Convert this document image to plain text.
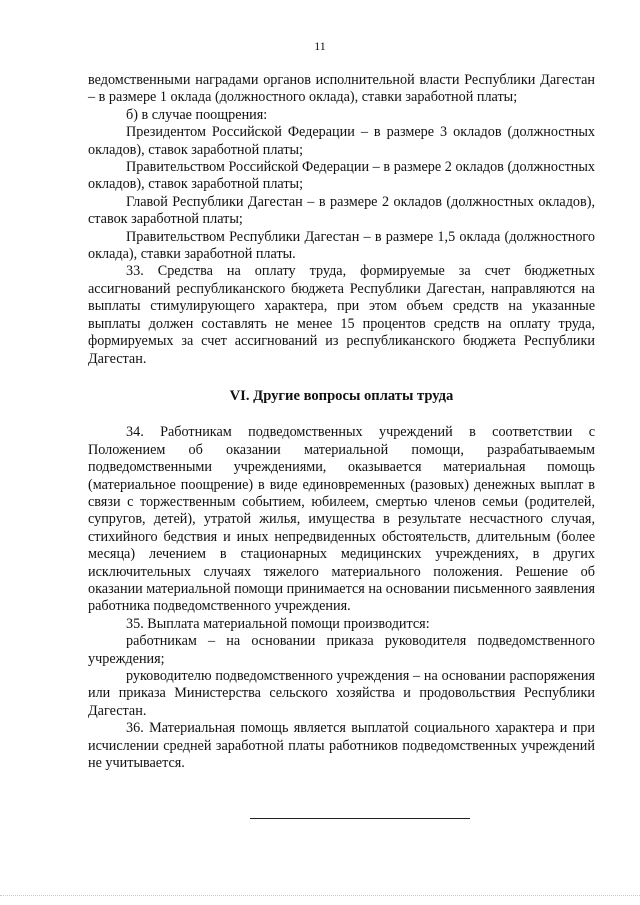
11

ведомственными наградами органов исполнительной власти Республики Дагестан – в размере 1 оклада (должностного оклада), ставки заработной платы;

б) в случае поощрения:

Президентом Российской Федерации – в размере 3 окладов (должностных окладов), ставок заработной платы;

Правительством Российской Федерации – в размере 2 окладов (должностных окладов), ставок заработной платы;

Главой Республики Дагестан – в размере 2 окладов (должностных окладов), ставок заработной платы;

Правительством Республики Дагестан – в размере 1,5 оклада (должностного оклада), ставки заработной платы.

33. Средства на оплату труда, формируемые за счет бюджетных ассигнований республиканского бюджета Республики Дагестан, направляются на выплаты стимулирующего характера, при этом объем средств на указанные выплаты должен составлять не менее 15 процентов средств на оплату труда, формируемых за счет ассигнований из республиканского бюджета Республики Дагестан.

VI. Другие вопросы оплаты труда

34. Работникам подведомственных учреждений в соответствии с Положением об оказании материальной помощи, разрабатываемым подведомственными учреждениями, оказывается материальная помощь (материальное поощрение) в виде единовременных (разовых) денежных выплат в связи с торжественным событием, юбилеем, смертью членов семьи (родителей, супругов, детей), утратой жилья, имущества в результате несчастного случая, стихийного бедствия и иных непредвиденных обстоятельств, длительным (более месяца) лечением в стационарных медицинских учреждениях, в других исключительных случаях тяжелого материального положения. Решение об оказании материальной помощи принимается на основании письменного заявления работника подведомственного учреждения.

35. Выплата материальной помощи производится:

работникам – на основании приказа руководителя подведомственного учреждения;

руководителю подведомственного учреждения – на основании распоряжения или приказа Министерства сельского хозяйства и продовольствия Республики Дагестан.

36. Материальная помощь является выплатой социального характера и при исчислении средней заработной платы работников подведомственных учреждений не учитывается.
